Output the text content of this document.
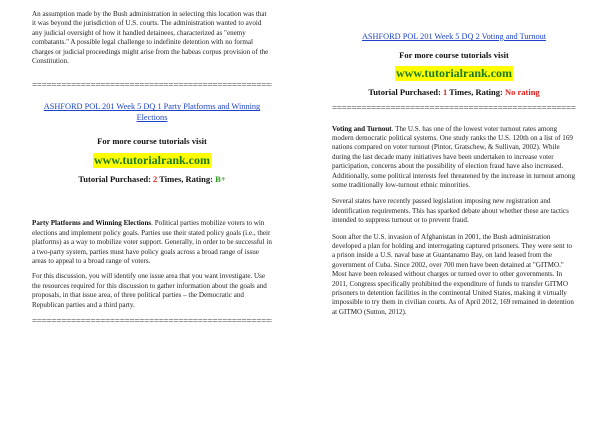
An assumption made by the Bush administration in selecting this location was that it was beyond the jurisdiction of U.S. courts. The administration wanted to avoid any judicial oversight of how it handled detainees, characterized as "enemy combatants." A possible legal challenge to indefinite detention with no formal charges or judicial proceedings might arise from the habeas corpus provision of the Constitution.

=====
ASHFORD POL 201 Week 5 DQ 1 Party Platforms and Winning Elections
For more course tutorials visit
www.tutorialrank.com
Tutorial Purchased: 2 Times, Rating: B+

Party Platforms and Winning Elections. Political parties mobilize voters to win elections and implement policy goals. Parties use their stated policy goals (i.e., their platforms) as a way to mobilize voter support. Generally, in order to be successful in a two-party system, parties must have policy goals across a broad range of issue areas to appeal to a broad range of voters.

For this discussion, you will identify one issue area that you want investigate. Use the resources required for this discussion to gather information about the goals and proposals, in that issue area, of three political parties – the Democratic and Republican parties and a third party.

=====
ASHFORD POL 201 Week 5 DQ 2 Voting and Turnout
For more course tutorials visit
www.tutorialrank.com
Tutorial Purchased: 1 Times, Rating: No rating
=====

Voting and Turnout. The U.S. has one of the lowest voter turnout rates among modern democratic political systems. One study ranks the U.S. 120th on a list of 169 nations compared on voter turnout (Pintor, Gratschew, & Sullivan, 2002). While during the last decade many initiatives have been undertaken to increase voter participation, concerns about the possibility of election fraud have also increased. Additionally, some political interests feel threatened by the increase in turnout among some traditionally low-turnout ethnic minorities.

Several states have recently passed legislation imposing new registration and identification requirements. This has sparked debate about whether these are tactics intended to suppress turnout or to prevent fraud.

Soon after the U.S. invasion of Afghanistan in 2001, the Bush administration developed a plan for holding and interrogating captured prisoners. They were sent to a prison inside a U.S. naval base at Guantanamo Bay, on land leased from the government of Cuba. Since 2002, over 700 men have been detained at "GITMO." Most have been released without charges or turned over to other governments. In 2011, Congress specifically prohibited the expenditure of funds to transfer GITMO prisoners to detention facilities in the continental United States, making it virtually impossible to try them in civilian courts. As of April 2012, 169 remained in detention at GITMO (Sutton, 2012).
